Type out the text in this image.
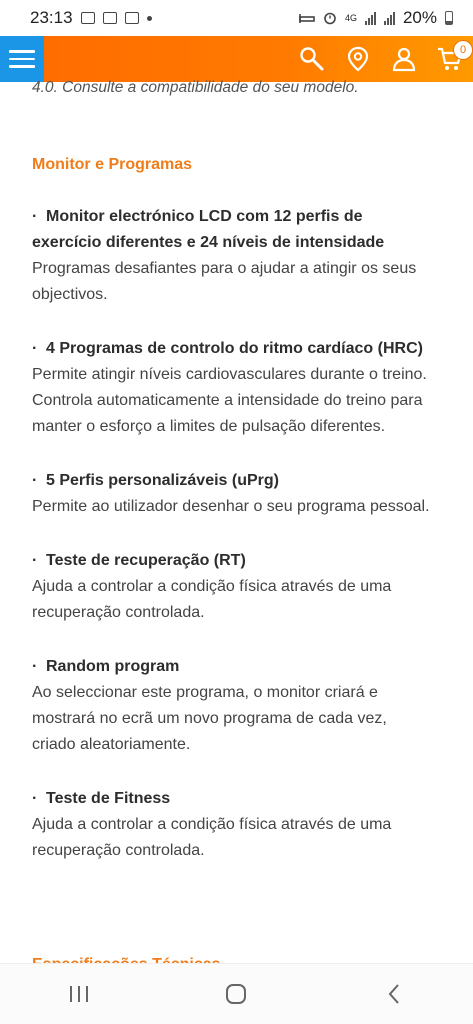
23:13	4G	20%
0

4.0. Consulte a compatibilidade do seu modelo.

Monitor e Programas

· Monitor electrónico LCD com 12 perfis de exercício diferentes e 24 níveis de intensidade

Programas desafiantes para o ajudar a atingir os seus objectivos.

· 4 Programas de controlo do ritmo cardíaco (HRC)

Permite atingir níveis cardiovasculares durante o treino. Controla automaticamente a intensidade do treino para manter o esforço a limites de pulsação diferentes.

· 5 Perfis personalizáveis (uPrg)

Permite ao utilizador desenhar o seu programa pessoal.

· Teste de recuperação (RT)

Ajuda a controlar a condição física através de uma recuperação controlada.

· Random program

Ao seleccionar este programa, o monitor criará e mostrará no ecrã um novo programa de cada vez, criado aleatoriamente.

· Teste de Fitness

Ajuda a controlar a condição física através de uma recuperação controlada.
